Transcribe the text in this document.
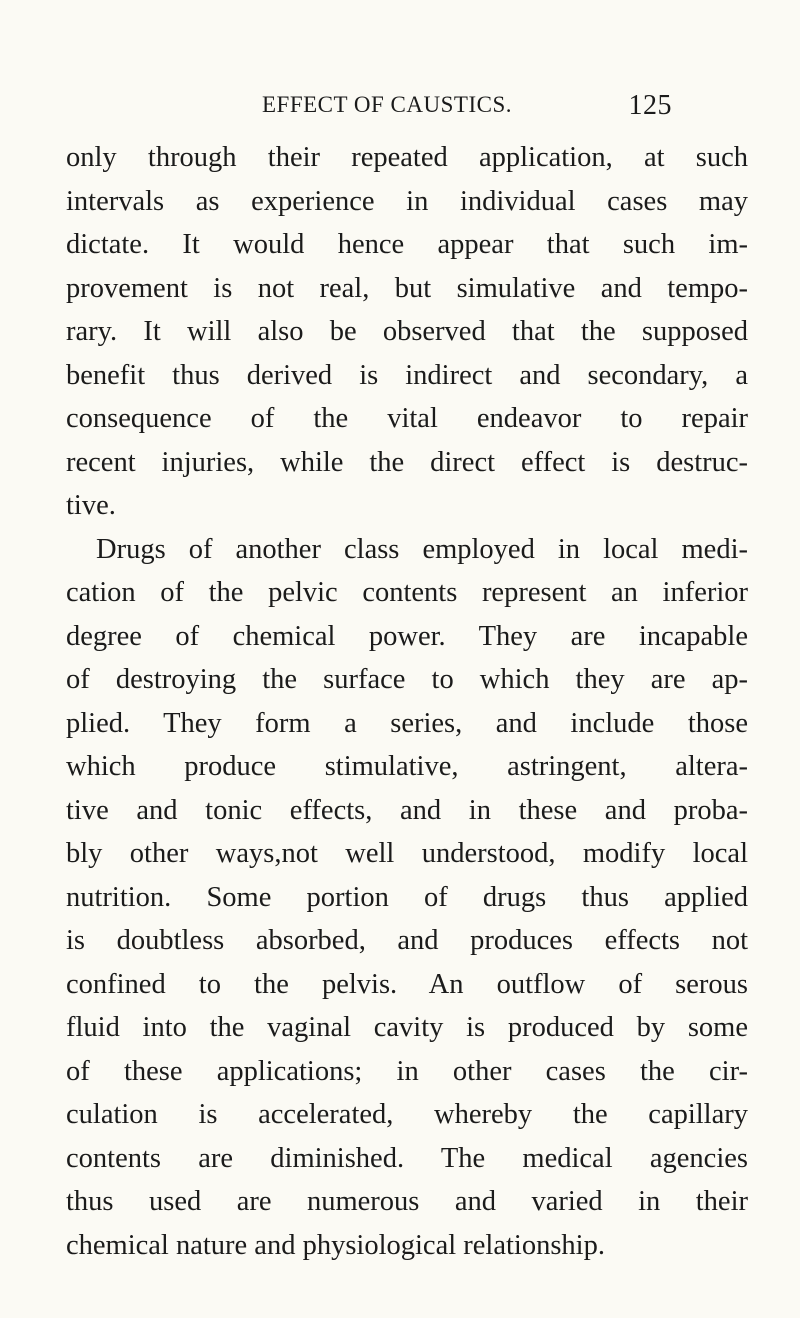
EFFECT OF CAUSTICS.	125
only through their repeated application, at such
intervals as experience in individual cases may
dictate. It would hence appear that such im-
provement is not real, but simulative and tempo-
rary. It will also be observed that the supposed
benefit thus derived is indirect and secondary, a
consequence of the vital endeavor to repair
recent injuries, while the direct effect is destruc-
tive.
Drugs of another class employed in local medi-
cation of the pelvic contents represent an inferior
degree of chemical power. They are incapable
of destroying the surface to which they are ap-
plied. They form a series, and include those
which produce stimulative, astringent, altera-
tive and tonic effects, and in these and proba-
bly other ways,not well understood, modify local
nutrition. Some portion of drugs thus applied
is doubtless absorbed, and produces effects not
confined to the pelvis. An outflow of serous
fluid into the vaginal cavity is produced by some
of these applications; in other cases the cir-
culation is accelerated, whereby the capillary
contents are diminished. The medical agencies
thus used are numerous and varied in their
chemical nature and physiological relationship.
